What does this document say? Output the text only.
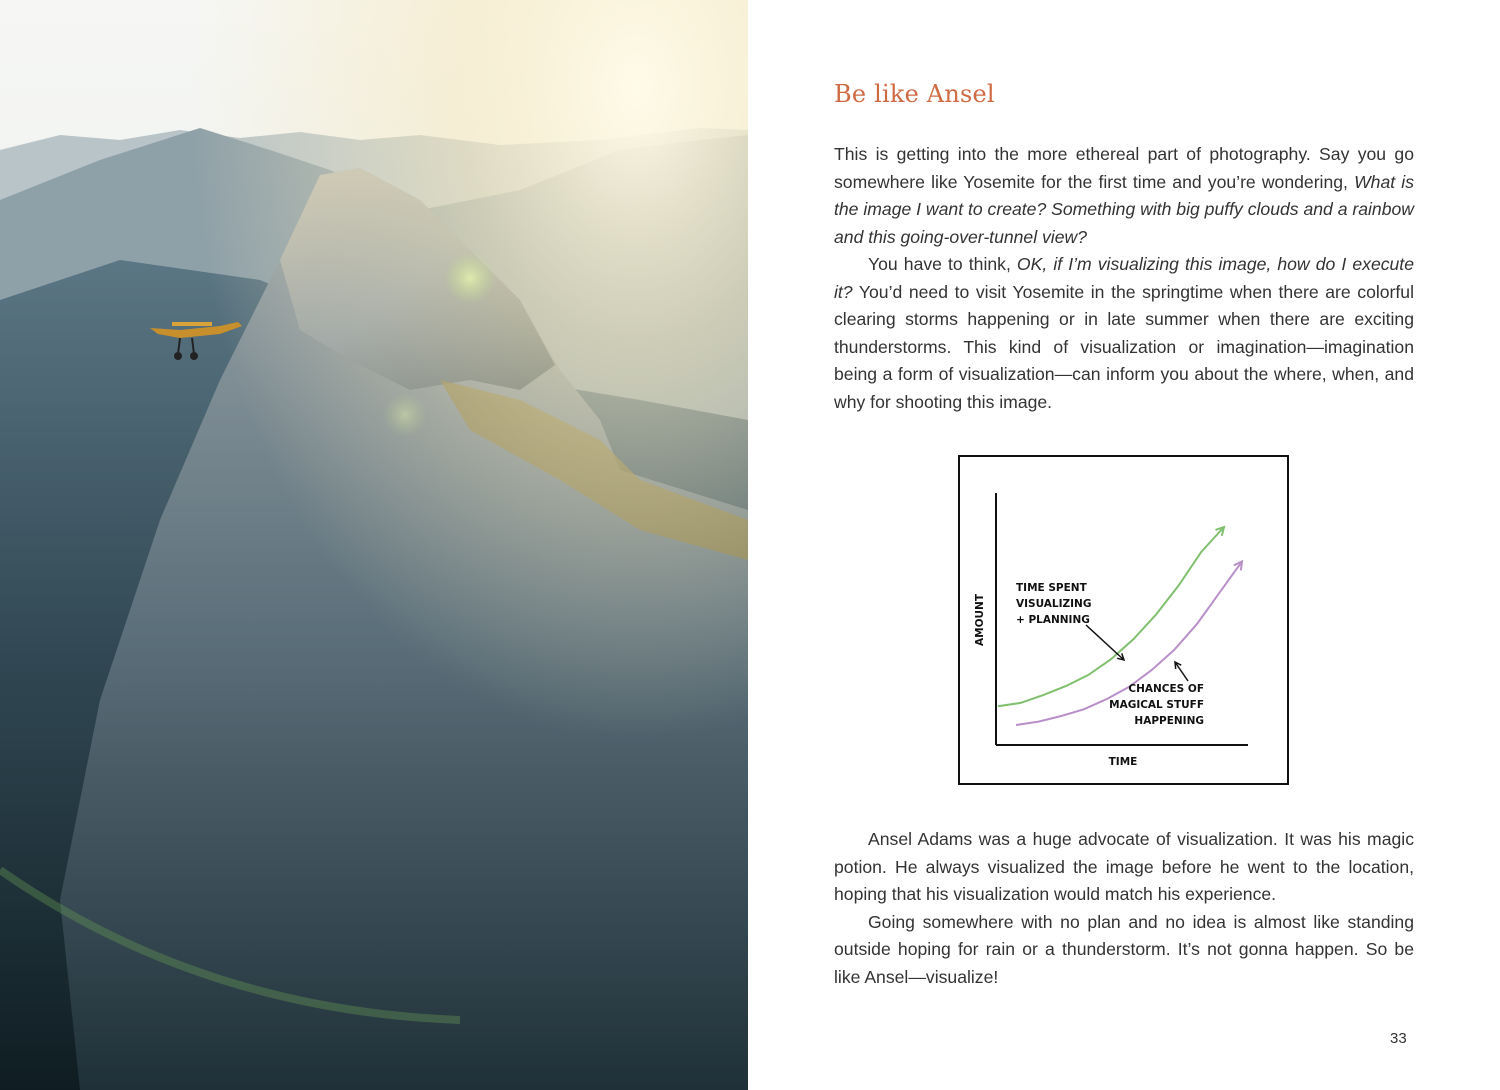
Be like Ansel

This is getting into the more ethereal part of photography. Say you go somewhere like Yosemite for the first time and you’re wondering, What is the image I want to create? Something with big puffy clouds and a rainbow and this going-over-tunnel view?

You have to think, OK, if I’m visualizing this image, how do I execute it? You’d need to visit Yosemite in the springtime when there are colorful clearing storms happening or in late summer when there are exciting thunderstorms. This kind of visualization or imagination—imagination being a form of visualization—can inform you about the where, when, and why for shooting this image.

Ansel Adams was a huge advocate of visualization. It was his magic potion. He always visualized the image before he went to the location, hoping that his visualization would match his experience.

Going somewhere with no plan and no idea is almost like standing outside hoping for rain or a thunderstorm. It’s not gonna happen. So be like Ansel—visualize!

TIME
AMOUNT
TIME SPENT
VISUALIZING
+ PLANNING
CHANCES OF
MAGICAL STUFF
HAPPENING
33
